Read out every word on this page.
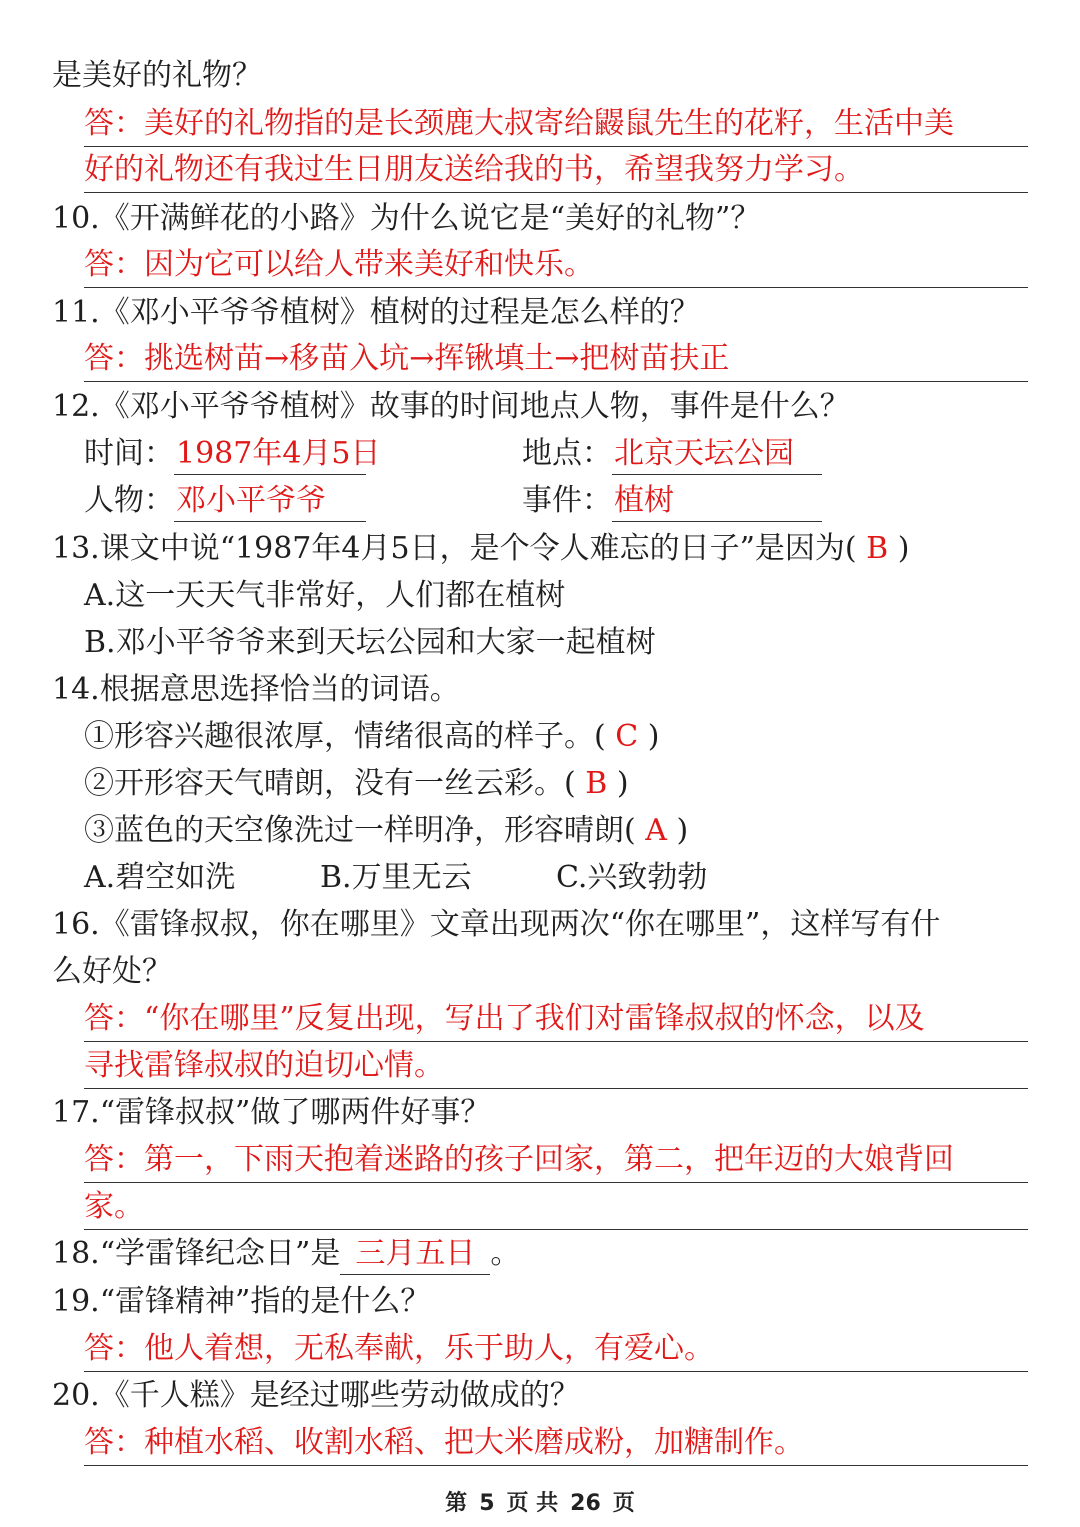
是美好的礼物？
答：美好的礼物指的是长颈鹿大叔寄给鼹鼠先生的花籽，生活中美
好的礼物还有我过生日朋友送给我的书，希望我努力学习。
10.《开满鲜花的小路》为什么说它是“美好的礼物”？
答：因为它可以给人带来美好和快乐。
11.《邓小平爷爷植树》植树的过程是怎么样的？
答：挑选树苗→移苗入坑→挥锹填土→把树苗扶正
12.《邓小平爷爷植树》故事的时间地点人物，事件是什么？
时间：1987年4月5日	地点：北京天坛公园
人物：邓小平爷爷	事件：植树
13.课文中说“1987年4月5日，是个令人难忘的日子”是因为( B )
A.这一天天气非常好，人们都在植树
B.邓小平爷爷来到天坛公园和大家一起植树
14.根据意思选择恰当的词语。
①形容兴趣很浓厚，情绪很高的样子。( C )
②开形容天气晴朗，没有一丝云彩。( B )
③蓝色的天空像洗过一样明净，形容晴朗( A )
A.碧空如洗	B.万里无云	C.兴致勃勃
16.《雷锋叔叔，你在哪里》文章出现两次“你在哪里”，这样写有什
么好处？
答：“你在哪里”反复出现，写出了我们对雷锋叔叔的怀念，以及
寻找雷锋叔叔的迫切心情。
17.“雷锋叔叔”做了哪两件好事？
答：第一，下雨天抱着迷路的孩子回家，第二，把年迈的大娘背回
家。
18.“学雷锋纪念日”是 三月五日 。
19.“雷锋精神”指的是什么？
答：他人着想，无私奉献，乐于助人，有爱心。
20.《千人糕》是经过哪些劳动做成的？
答：种植水稻、收割水稻、把大米磨成粉，加糖制作。
第 5 页 共 26 页
